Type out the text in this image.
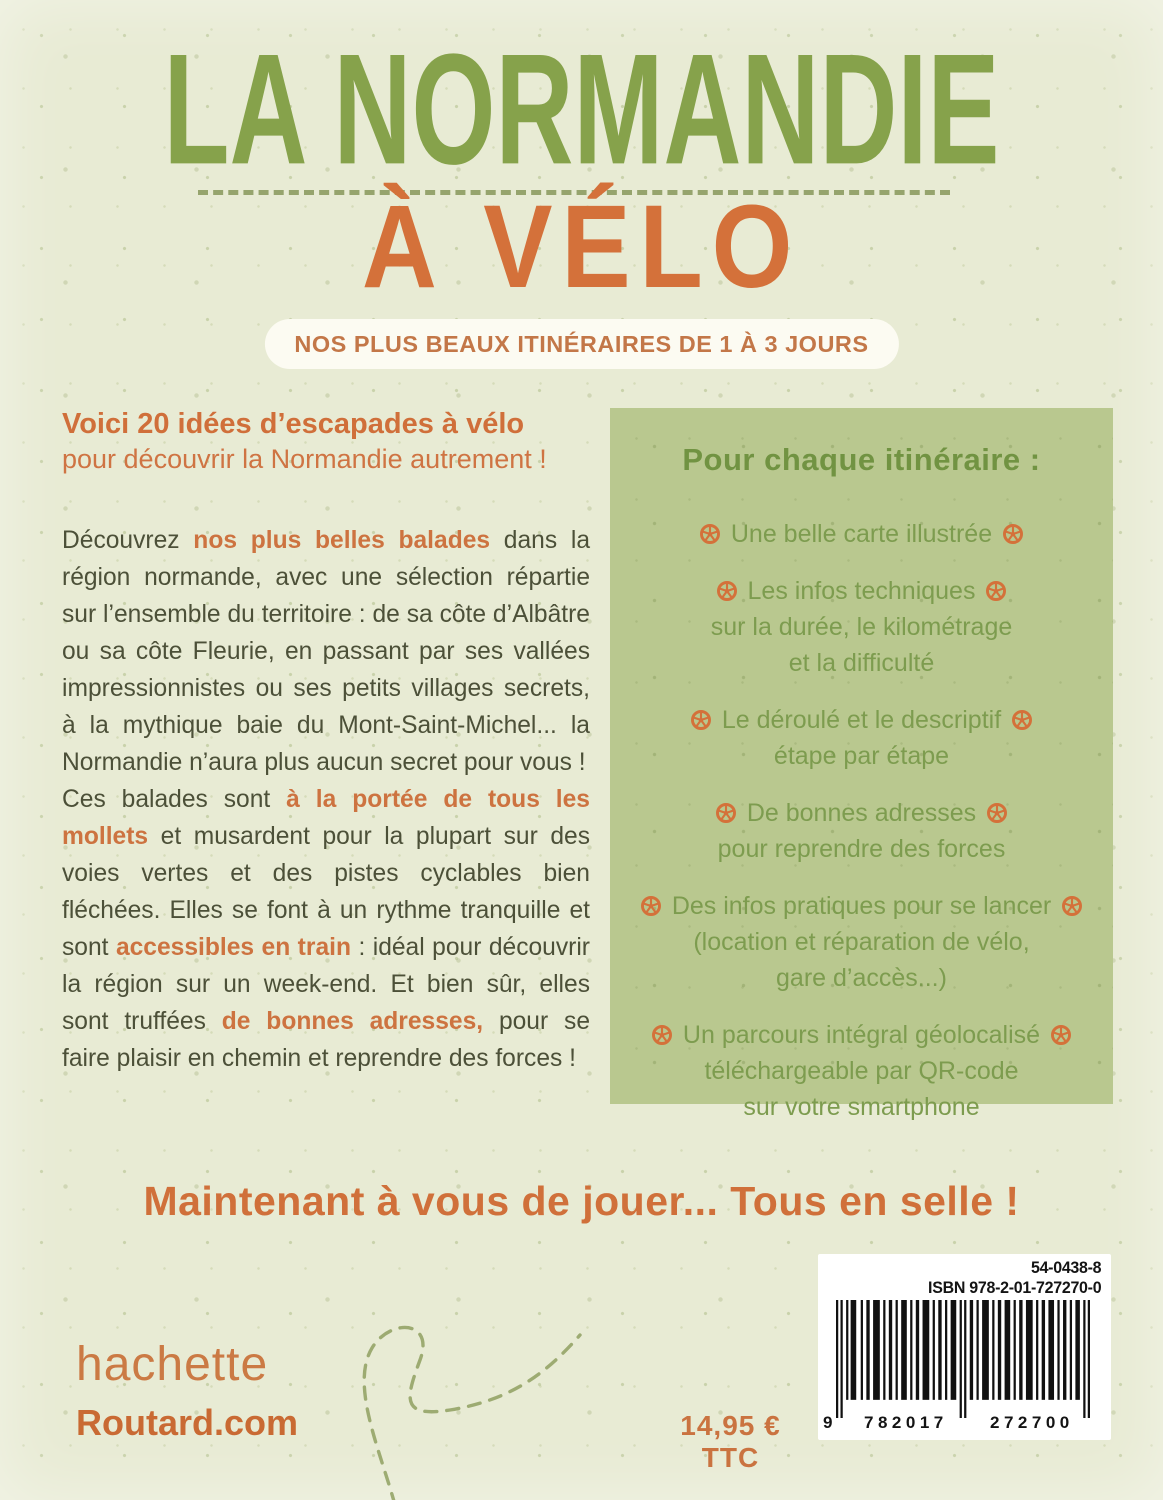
LA NORMANDIE
À VÉLO
NOS PLUS BEAUX ITINÉRAIRES DE 1 À 3 JOURS
Voici 20 idées d’escapades à vélo
pour découvrir la Normandie autrement !

Découvrez nos plus belles balades dans la région normande, avec une sélection répartie sur l’ensemble du territoire : de sa côte d’Albâtre ou sa côte Fleurie, en passant par ses vallées impressionnistes ou ses petits villages secrets, à la mythique baie du Mont-Saint-Michel... la Normandie n’aura plus aucun secret pour vous !

Ces balades sont à la portée de tous les mollets et musardent pour la plupart sur des voies vertes et des pistes cyclables bien fléchées. Elles se font à un rythme tranquille et sont accessibles en train : idéal pour découvrir la région sur un week-end. Et bien sûr, elles sont truffées de bonnes adresses, pour se faire plaisir en chemin et reprendre des forces !

Pour chaque itinéraire :
Une belle carte illustrée
Les infos techniques
sur la durée, le kilométrage
et la difficulté
Le déroulé et le descriptif
étape par étape
De bonnes adresses
pour reprendre des forces
Des infos pratiques pour se lancer
(location et réparation de vélo,
gare d’accès...)
Un parcours intégral géolocalisé
téléchargeable par QR-code
sur votre smartphone
Maintenant à vous de jouer... Tous en selle !
hachette
Routard.com	14,95 € TTC
54-0438-8
ISBN 978-2-01-727270-0
9 782017 272700
